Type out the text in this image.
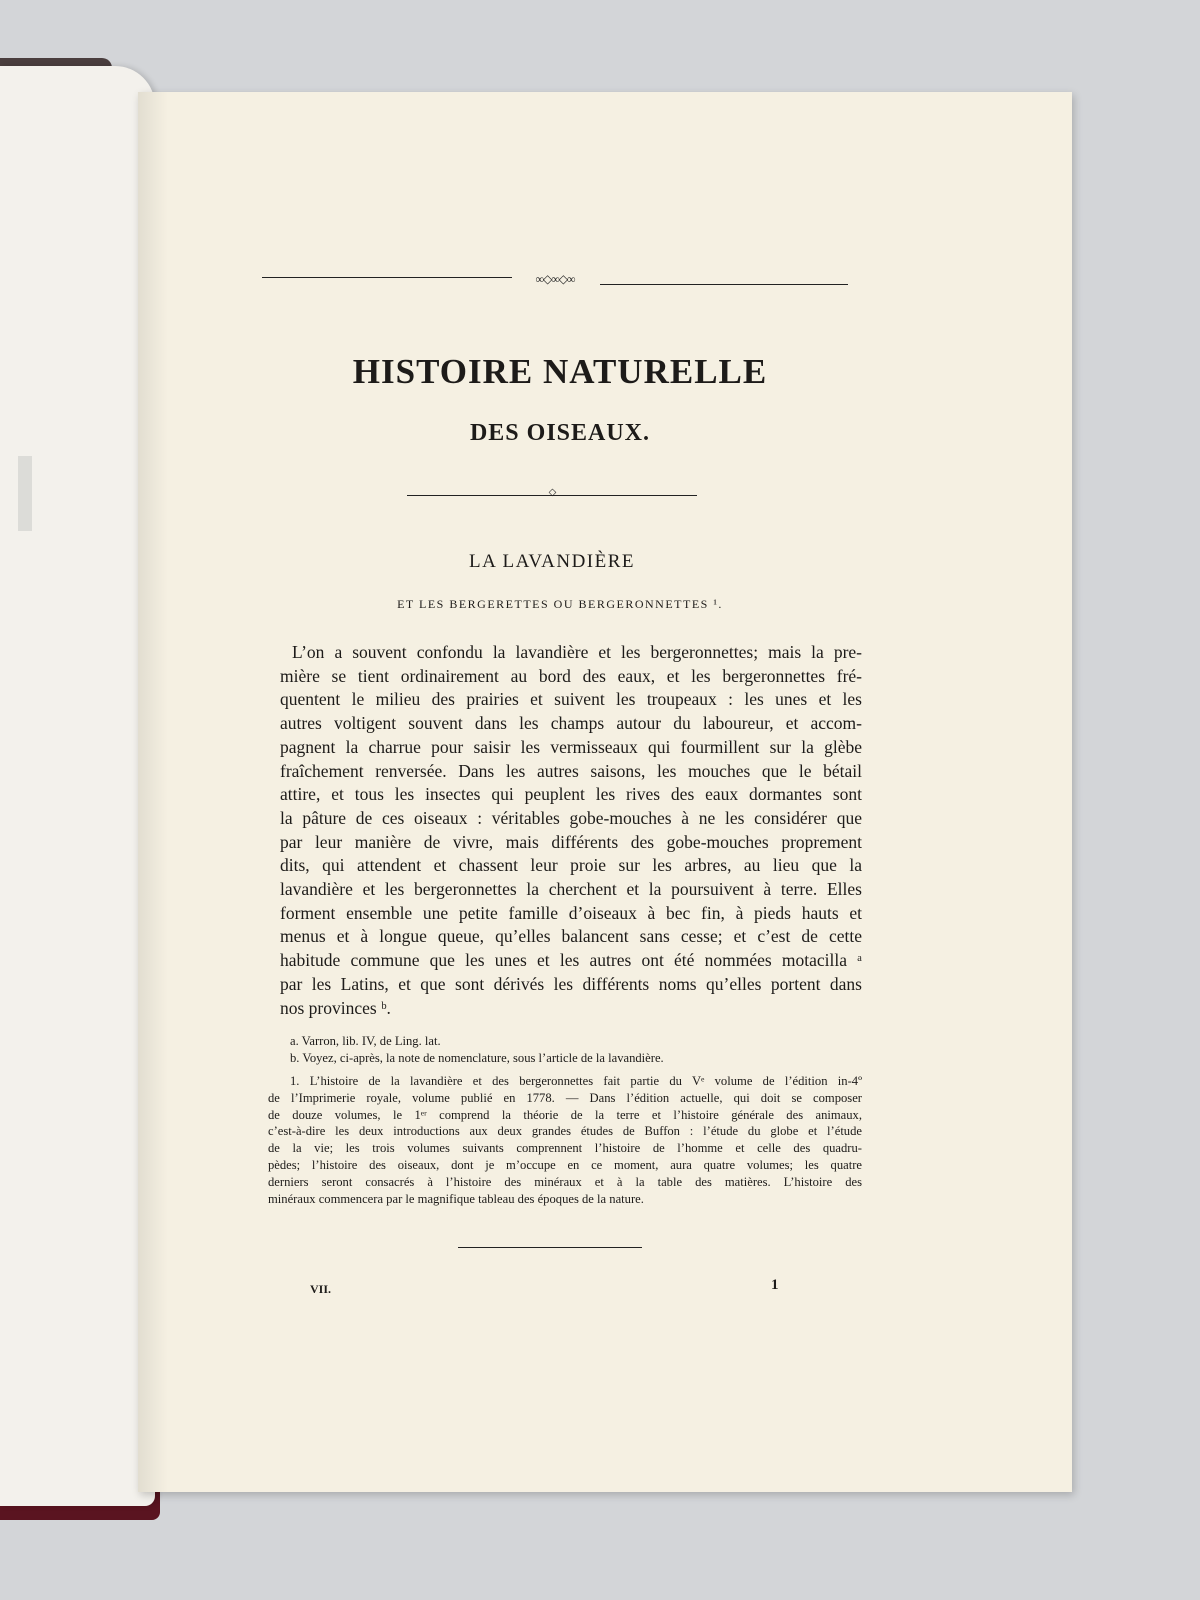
∞◇∞◇∞
HISTOIRE NATURELLE
DES OISEAUX.
◇
LA LAVANDIÈRE
ET LES BERGERETTES OU BERGERONNETTES ¹.
L’on a souvent confondu la lavandière et les bergeronnettes; mais la pre-
mière se tient ordinairement au bord des eaux, et les bergeronnettes fré-
quentent le milieu des prairies et suivent les troupeaux : les unes et les
autres voltigent souvent dans les champs autour du laboureur, et accom-
pagnent la charrue pour saisir les vermisseaux qui fourmillent sur la glèbe
fraîchement renversée. Dans les autres saisons, les mouches que le bétail
attire, et tous les insectes qui peuplent les rives des eaux dormantes sont
la pâture de ces oiseaux : véritables gobe-mouches à ne les considérer que
par leur manière de vivre, mais différents des gobe-mouches proprement
dits, qui attendent et chassent leur proie sur les arbres, au lieu que la
lavandière et les bergeronnettes la cherchent et la poursuivent à terre. Elles
forment ensemble une petite famille d’oiseaux à bec fin, à pieds hauts et
menus et à longue queue, qu’elles balancent sans cesse; et c’est de cette
habitude commune que les unes et les autres ont été nommées motacilla ᵃ
par les Latins, et que sont dérivés les différents noms qu’elles portent dans
nos provinces ᵇ.
a. Varron, lib. IV, de Ling. lat.
b. Voyez, ci-après, la note de nomenclature, sous l’article de la lavandière.
1. L’histoire de la lavandière et des bergeronnettes fait partie du Vᵉ volume de l’édition in-4º
de l’Imprimerie royale, volume publié en 1778. — Dans l’édition actuelle, qui doit se composer
de douze volumes, le 1ᵉʳ comprend la théorie de la terre et l’histoire générale des animaux,
c’est-à-dire les deux introductions aux deux grandes études de Buffon : l’étude du globe et l’étude
de la vie; les trois volumes suivants comprennent l’histoire de l’homme et celle des quadru-
pèdes; l’histoire des oiseaux, dont je m’occupe en ce moment, aura quatre volumes; les quatre
derniers seront consacrés à l’histoire des minéraux et à la table des matières. L’histoire des
minéraux commencera par le magnifique tableau des époques de la nature.
VII.	1
